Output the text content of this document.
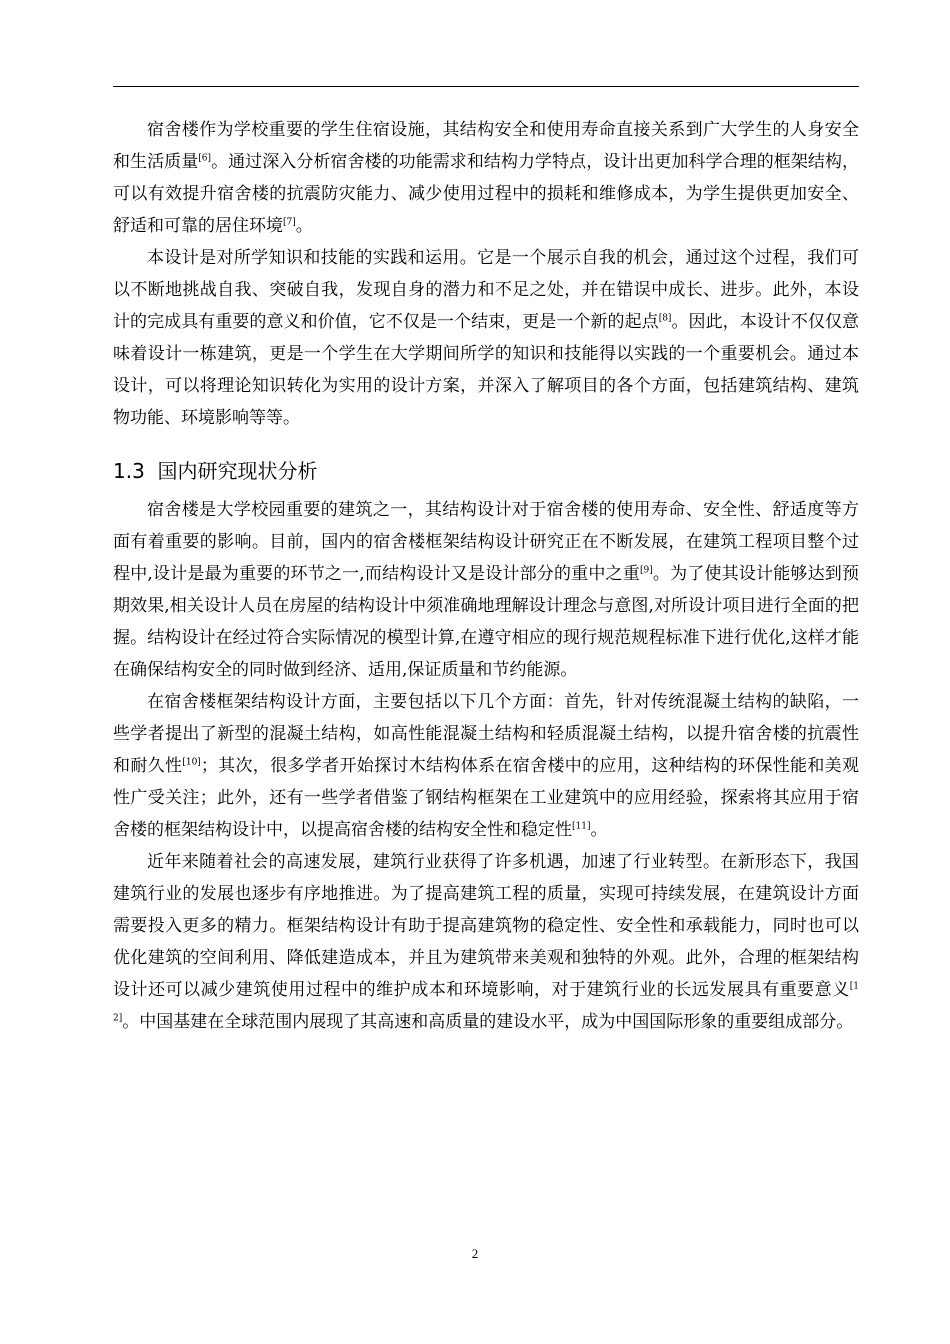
宿舍楼作为学校重要的学生住宿设施，其结构安全和使用寿命直接关系到广大学生的人身安全和生活质量[6]。通过深入分析宿舍楼的功能需求和结构力学特点，设计出更加科学合理的框架结构，可以有效提升宿舍楼的抗震防灾能力、减少使用过程中的损耗和维修成本，为学生提供更加安全、舒适和可靠的居住环境[7]。

本设计是对所学知识和技能的实践和运用。它是一个展示自我的机会，通过这个过程，我们可以不断地挑战自我、突破自我，发现自身的潜力和不足之处，并在错误中成长、进步。此外，本设计的完成具有重要的意义和价值，它不仅是一个结束，更是一个新的起点[8]。因此，本设计不仅仅意味着设计一栋建筑，更是一个学生在大学期间所学的知识和技能得以实践的一个重要机会。通过本设计，可以将理论知识转化为实用的设计方案，并深入了解项目的各个方面，包括建筑结构、建筑物功能、环境影响等等。

1.3 国内研究现状分析

宿舍楼是大学校园重要的建筑之一，其结构设计对于宿舍楼的使用寿命、安全性、舒适度等方面有着重要的影响。目前，国内的宿舍楼框架结构设计研究正在不断发展，在建筑工程项目整个过程中,设计是最为重要的环节之一,而结构设计又是设计部分的重中之重[9]。为了使其设计能够达到预期效果,相关设计人员在房屋的结构设计中须准确地理解设计理念与意图,对所设计项目进行全面的把握。结构设计在经过符合实际情况的模型计算,在遵守相应的现行规范规程标准下进行优化,这样才能在确保结构安全的同时做到经济、适用,保证质量和节约能源。

在宿舍楼框架结构设计方面，主要包括以下几个方面：首先，针对传统混凝土结构的缺陷，一些学者提出了新型的混凝土结构，如高性能混凝土结构和轻质混凝土结构，以提升宿舍楼的抗震性和耐久性[10]；其次，很多学者开始探讨木结构体系在宿舍楼中的应用，这种结构的环保性能和美观性广受关注；此外，还有一些学者借鉴了钢结构框架在工业建筑中的应用经验，探索将其应用于宿舍楼的框架结构设计中，以提高宿舍楼的结构安全性和稳定性[11]。

近年来随着社会的高速发展，建筑行业获得了许多机遇，加速了行业转型。在新形态下，我国建筑行业的发展也逐步有序地推进。为了提高建筑工程的质量，实现可持续发展，在建筑设计方面需要投入更多的精力。框架结构设计有助于提高建筑物的稳定性、安全性和承载能力，同时也可以优化建筑的空间利用、降低建造成本，并且为建筑带来美观和独特的外观。此外，合理的框架结构设计还可以减少建筑使用过程中的维护成本和环境影响，对于建筑行业的长远发展具有重要意义[12]。中国基建在全球范围内展现了其高速和高质量的建设水平，成为中国国际形象的重要组成部分。

2
